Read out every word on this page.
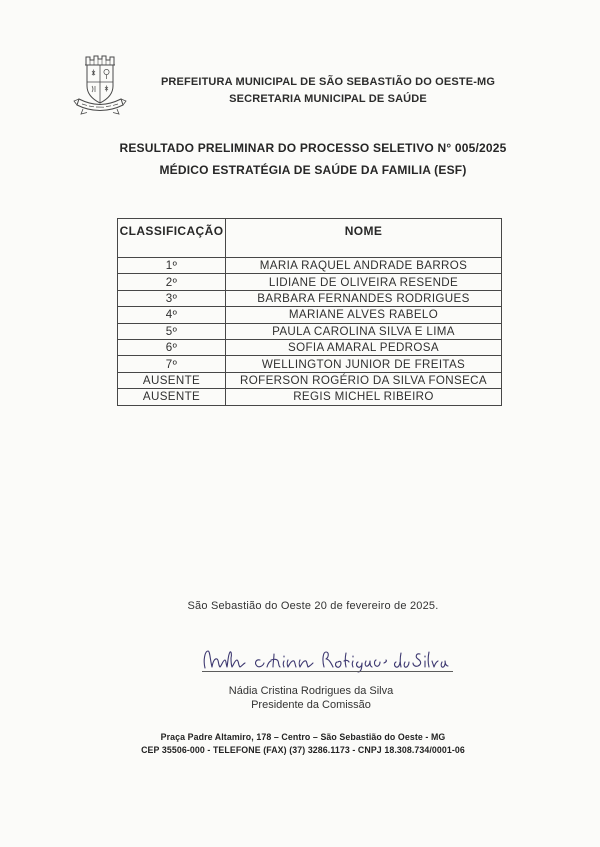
PREFEITURA MUNICIPAL DE SÃO SEBASTIÃO DO OESTE-MG
SECRETARIA MUNICIPAL DE SAÚDE
RESULTADO PRELIMINAR DO PROCESSO SELETIVO N° 005/2025
MÉDICO ESTRATÉGIA DE SAÚDE DA FAMILIA (ESF)
CLASSIFICAÇÃO	NOME
1º	MARIA RAQUEL ANDRADE BARROS
2º	LIDIANE DE OLIVEIRA RESENDE
3º	BARBARA FERNANDES RODRIGUES
4º	MARIANE ALVES RABELO
5º	PAULA CAROLINA SILVA E LIMA
6º	SOFIA AMARAL PEDROSA
7º	WELLINGTON JUNIOR DE FREITAS
AUSENTE	ROFERSON ROGÉRIO DA SILVA FONSECA
AUSENTE	REGIS MICHEL RIBEIRO
São Sebastião do Oeste 20 de fevereiro de 2025.
Nádia Cristina Rodrigues da Silva
Presidente da Comissão
Praça Padre Altamiro, 178 – Centro – São Sebastião do Oeste - MG
CEP 35506-000 - TELEFONE (FAX) (37) 3286.1173 - CNPJ 18.308.734/0001-06
